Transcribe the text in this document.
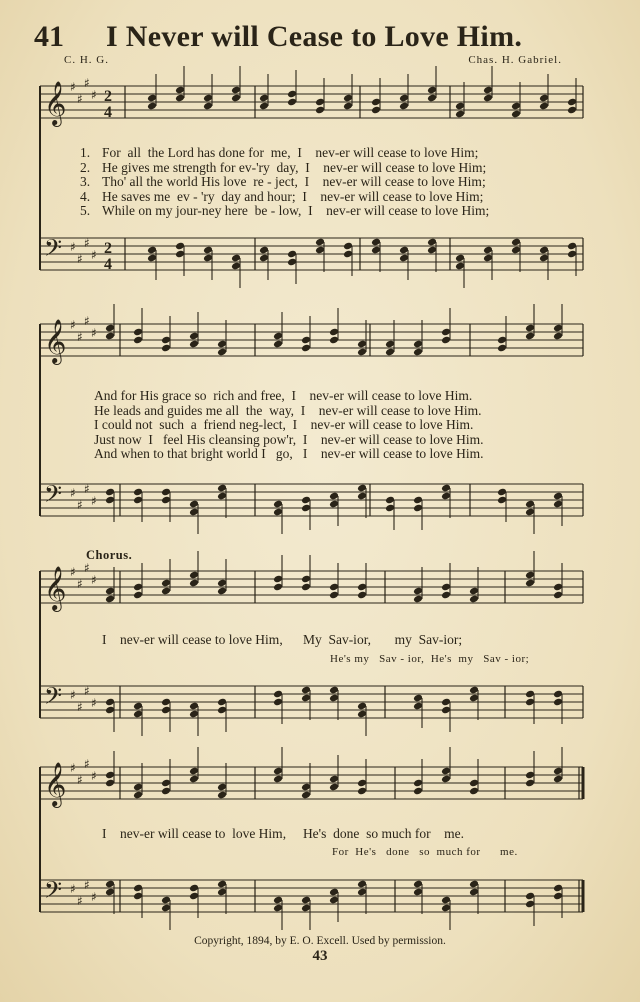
41 I Never will Cease to Love Him.
C. H. G.	Chas. H. Gabriel.
𝄞
𝄢
♯
♯
♯
♯
♯
♯
♯
♯
2
4
2
4
𝄞
𝄢
♯
♯
♯
♯
♯
♯
♯
♯
𝄞
𝄢
♯
♯
♯
♯
♯
♯
♯
♯
𝄞
𝄢
♯
♯
♯
♯
♯
♯
♯
♯
1. For  all  the Lord has done for  me,  I    nev-er will cease to love Him;
2. He gives me strength for ev-'ry  day,  I    nev-er will cease to love Him;
3. Tho' all the world His love  re - ject,  I    nev-er will cease to love Him;
4. He saves me  ev - 'ry  day and hour;  I    nev-er will cease to love Him;
5. While on my jour-ney here  be - low,  I    nev-er will cease to love Him;
And for His grace so  rich and free,  I    nev-er will cease to love Him.
He leads and guides me all  the  way,  I    nev-er will cease to love Him.
I could not  such  a  friend neg-lect,  I    nev-er will cease to love Him.
Just now  I   feel His cleansing pow'r,  I    nev-er will cease to love Him.
And when to that bright world I   go,   I    nev-er will cease to love Him.
Chorus.
I    nev-er will cease to love Him,      My  Sav-ior,       my  Sav-ior;
He's my   Sav - ior,  He's  my   Sav - ior;
I    nev-er will cease to  love Him,     He's  done  so much for    me.
For  He's   done   so  much for      me.
Copyright, 1894, by E. O. Excell. Used by permission.
43
